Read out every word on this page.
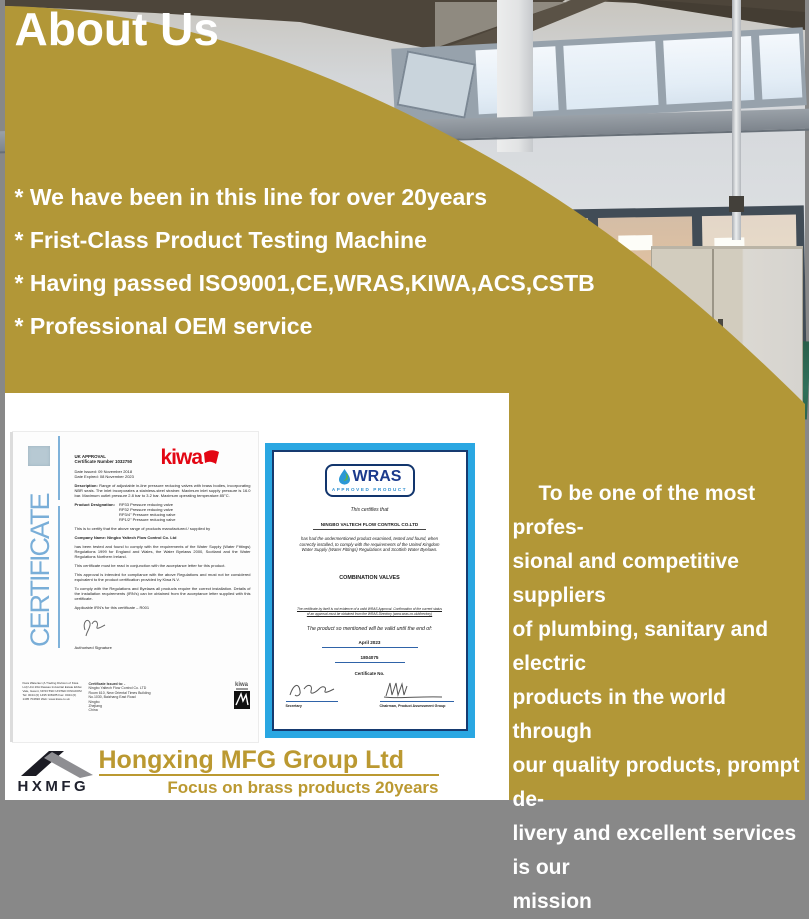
About Us
* We have been in this line for over 20years
* Frist-Class Product Testing Machine
* Having passed ISO9001,CE,WRAS,KIWA,ACS,CSTB
* Professional OEM service
To be one of the most profes-
sional and competitive suppliers
of plumbing, sanitary and electric
products in the world through
our quality products, prompt de-
livery and excellent services is our
mission
CERTIFICATE
kiwa

UK APPROVAL

Certificate Number 1032750

Date Issued: 09 November 2018

Date Expired: 08 November 2023

Description: Range of adjustable in-line pressure reducing valves with brass bodies, incorporating NBR seals. The inlet incorporates a stainless-steel strainer. Maximum inlet supply pressure is 16.0 bar. Maximum outlet pressure 2.8 bar to 3.2 bar. Maximum operating temperature 85°C.

Product Designation: RP33 Pressure reducing valve
RP32 Pressure reducing valve
RP3/4" Pressure reducing valve
RP1/2" Pressure reducing valve

This is to certify that the above range of products manufactured / supplied by

Company Name: Ningbo Yaltech Flow Control Co. Ltd

has been tested and found to comply with the requirements of the Water Supply (Water Fittings) Regulations 1999 for England and Wales, the Water Byelaws 2000, Scotland and the Water Regulations Northern Ireland.

This certificate must be read in conjunction with the acceptance letter for this product.

This approval is intended for compliance with the above Regulations and must not be considered equivalent to the product certification provided by Kiwa N.V.

To comply with the Regulations and Byelaws all products require the correct installation. Details of the installation requirements (IRN's) can be obtained from the acceptance letter supplied with this certificate.

Applicable IRN's for this certificate – R001

Authorised Signature

Kiwa Watertec (A Trading Division of Kiwa Ltd) Unit 26A Rassau Industrial Estate Ebbw Vale, Gwent, NP23 5SD UNITED KINGDOM Tel: 0044 (0) 1495 308185 Fax: 0044 (0) 1495 704690 Web: www.kiwa.co.uk
Certificate Issued to: -
Ningbo Yaltech Flow Control Co. LTD
Room 610, New Oriental Times Building
No.1030, Baizhang East Road
Ningbo
Zhejiang
China
kiwa
WRAS
APPROVED PRODUCT

This certifies that

NINGBO VALTECH FLOW CONTROL CO.LTD

has had the undermentioned product examined, tested and found, when correctly installed, to comply with the requirements of the United Kingdom Water Supply (Water Fittings) Regulations and Scottish Water Byelaws.

COMBINATION VALVES

The certificate by itself is not evidence of a valid WRAS Approval. Confirmation of the current status of an approval must be obtained from the WRAS Directory (www.wras.co.uk/directory)

The product so mentioned will be valid until the end of:

April 2023
1804075

Certificate No.

Secretary	Chairman, Product Assessment Group
HXMFG
Hongxing MFG Group Ltd
Focus on brass products 20years
